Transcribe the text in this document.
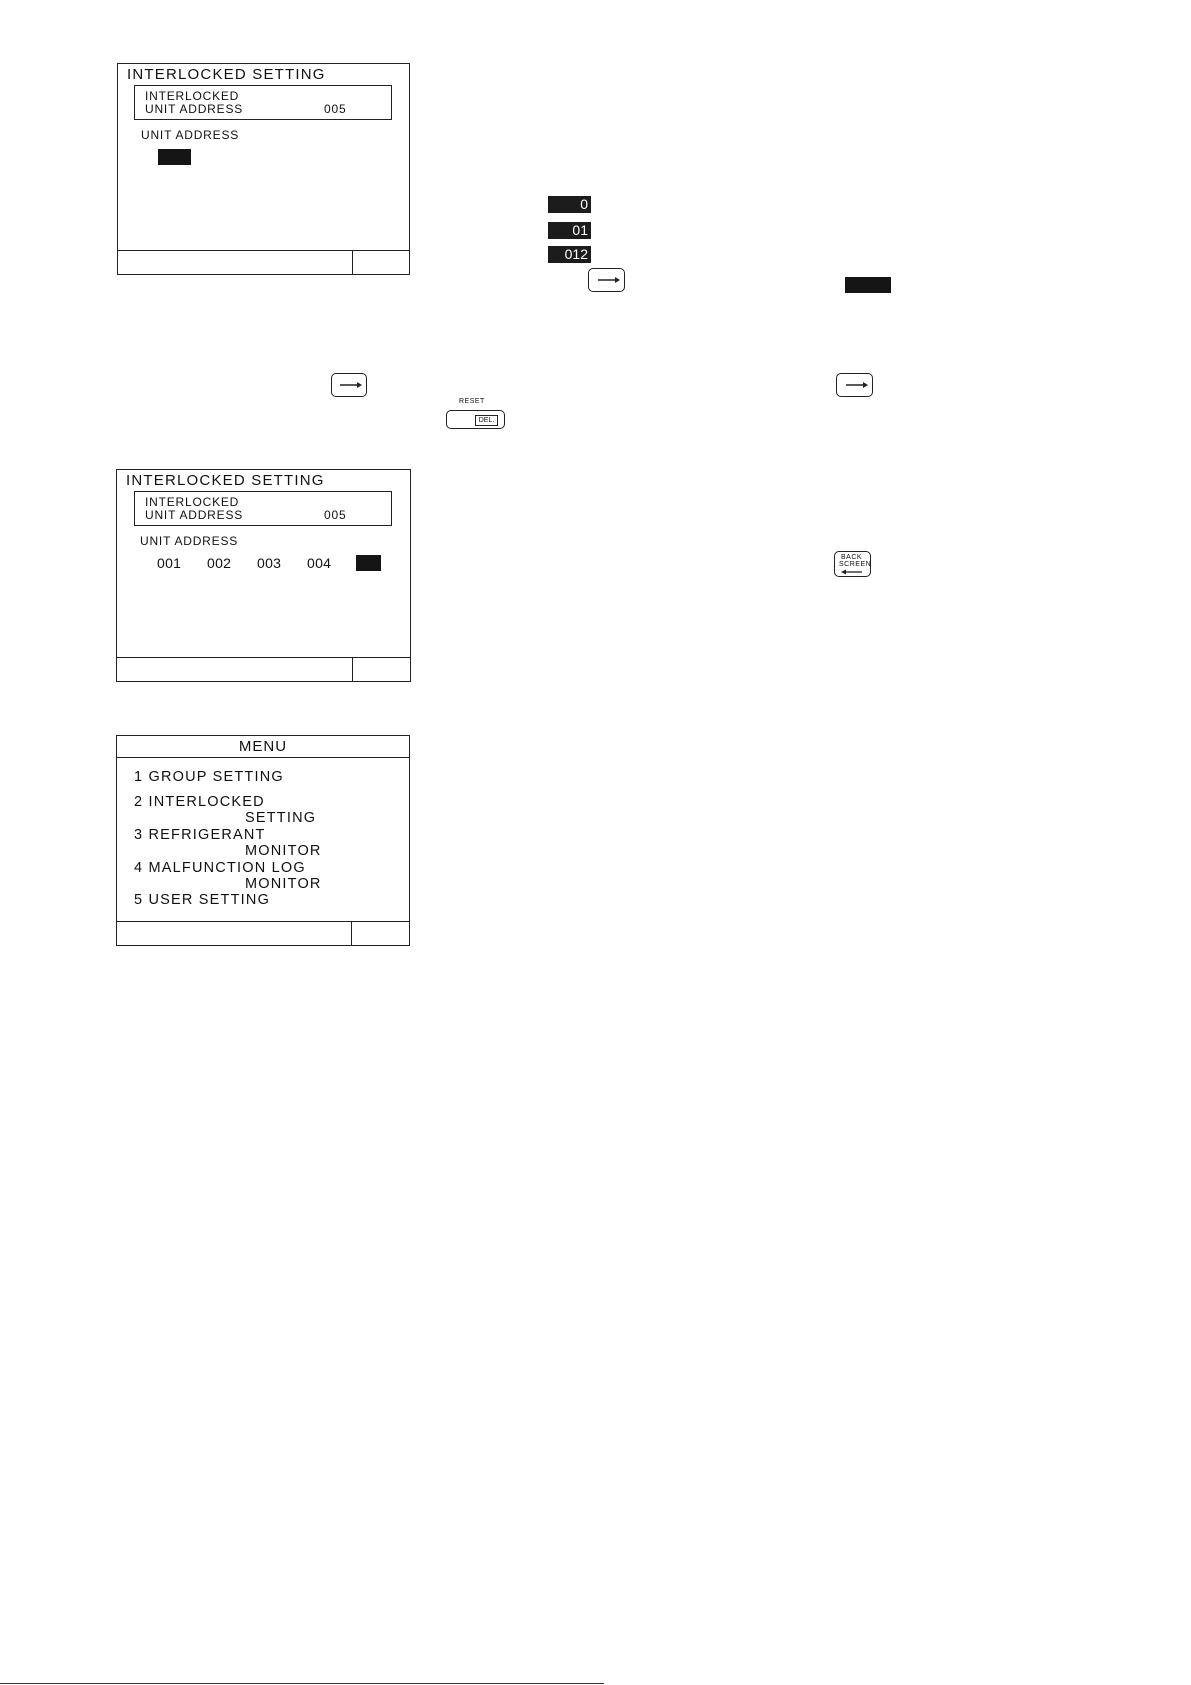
INTERLOCKED SETTING
INTERLOCKED
UNIT ADDRESS	005
UNIT ADDRESS
0
01
012
RESET
DEL.
INTERLOCKED SETTING
INTERLOCKED
UNIT ADDRESS	005
UNIT ADDRESS
001 002 003 004	BACK
SCREEN
MENU
1 GROUP SETTING
2 INTERLOCKED
SETTING
3 REFRIGERANT
MONITOR
4 MALFUNCTION LOG
MONITOR
5 USER SETTING
